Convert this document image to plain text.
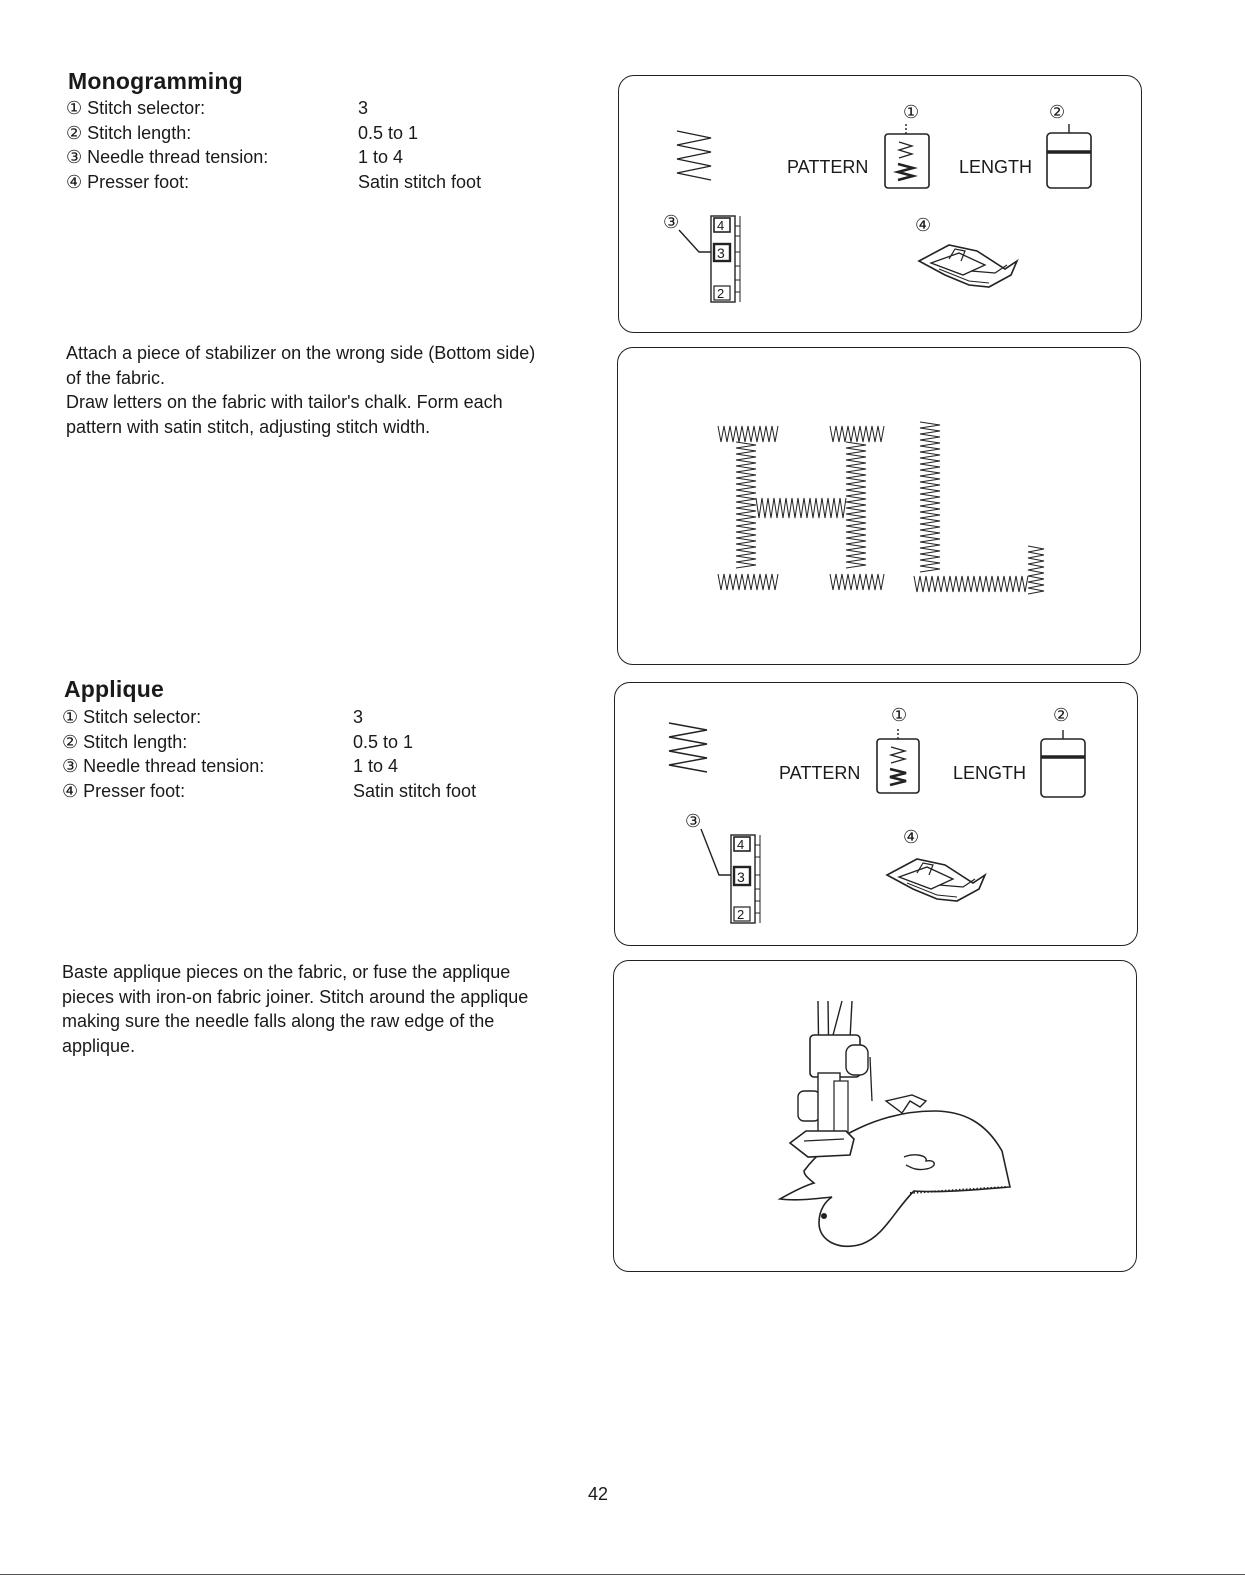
Monogramming
① Stitch selector:	3
② Stitch length:	0.5 to 1
③ Needle thread tension:	1 to 4
④ Presser foot:	Satin stitch foot

Attach a piece of stabilizer on the wrong side (Bottom side)

of the fabric.

Draw letters on the fabric with tailor's chalk. Form each

pattern with satin stitch, adjusting stitch width.

①	②
PATTERN	LENGTH
③	4
3
2
④
Applique
① Stitch selector:	3
② Stitch length:	0.5 to 1
③ Needle thread tension:	1 to 4
④ Presser foot:	Satin stitch foot

Baste applique pieces on the fabric, or fuse the applique

pieces with iron-on fabric joiner. Stitch around the applique

making sure the needle falls along the raw edge of the

applique.

①	②
PATTERN	LENGTH
③
4
3
2
④
42
